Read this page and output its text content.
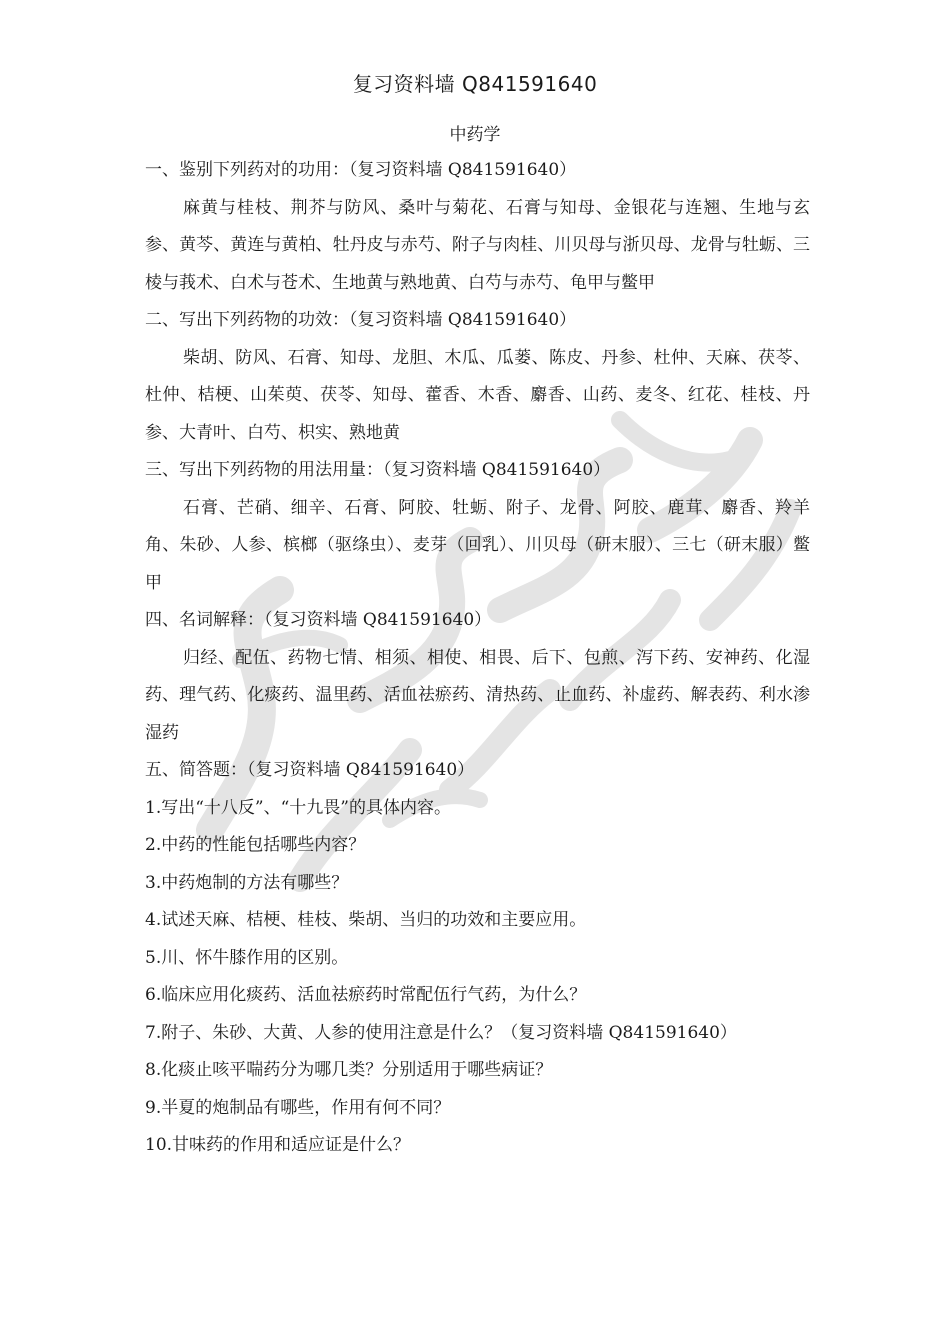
复习资料墙 Q841591640
中药学

一、鉴别下列药对的功用：（复习资料墙 Q841591640）

麻黄与桂枝、荆芥与防风、桑叶与菊花、石膏与知母、金银花与连翘、生地与玄参、黄芩、黄连与黄柏、牡丹皮与赤芍、附子与肉桂、川贝母与浙贝母、龙骨与牡蛎、三棱与莪术、白术与苍术、生地黄与熟地黄、白芍与赤芍、龟甲与鳖甲

二、写出下列药物的功效：（复习资料墙 Q841591640）

柴胡、防风、石膏、知母、龙胆、木瓜、瓜蒌、陈皮、丹参、杜仲、天麻、茯苓、杜仲、桔梗、山茱萸、茯苓、知母、藿香、木香、麝香、山药、麦冬、红花、桂枝、丹参、大青叶、白芍、枳实、熟地黄

三、写出下列药物的用法用量：（复习资料墙 Q841591640）

石膏、芒硝、细辛、石膏、阿胶、牡蛎、附子、龙骨、阿胶、鹿茸、麝香、羚羊角、朱砂、人参、槟榔（驱绦虫）、麦芽（回乳）、川贝母（研末服）、三七（研末服）鳖甲

四、名词解释：（复习资料墙 Q841591640）

归经、配伍、药物七情、相须、相使、相畏、后下、包煎、泻下药、安神药、化湿药、理气药、化痰药、温里药、活血祛瘀药、清热药、止血药、补虚药、解表药、利水渗湿药

五、简答题：（复习资料墙 Q841591640）

1.写出“十八反”、“十九畏”的具体内容。

2.中药的性能包括哪些内容？

3.中药炮制的方法有哪些？

4.试述天麻、桔梗、桂枝、柴胡、当归的功效和主要应用。

5.川、怀牛膝作用的区别。

6.临床应用化痰药、活血祛瘀药时常配伍行气药，为什么？

7.附子、朱砂、大黄、人参的使用注意是什么？（复习资料墙 Q841591640）

8.化痰止咳平喘药分为哪几类？分别适用于哪些病证？

9.半夏的炮制品有哪些，作用有何不同？

10.甘味药的作用和适应证是什么？
